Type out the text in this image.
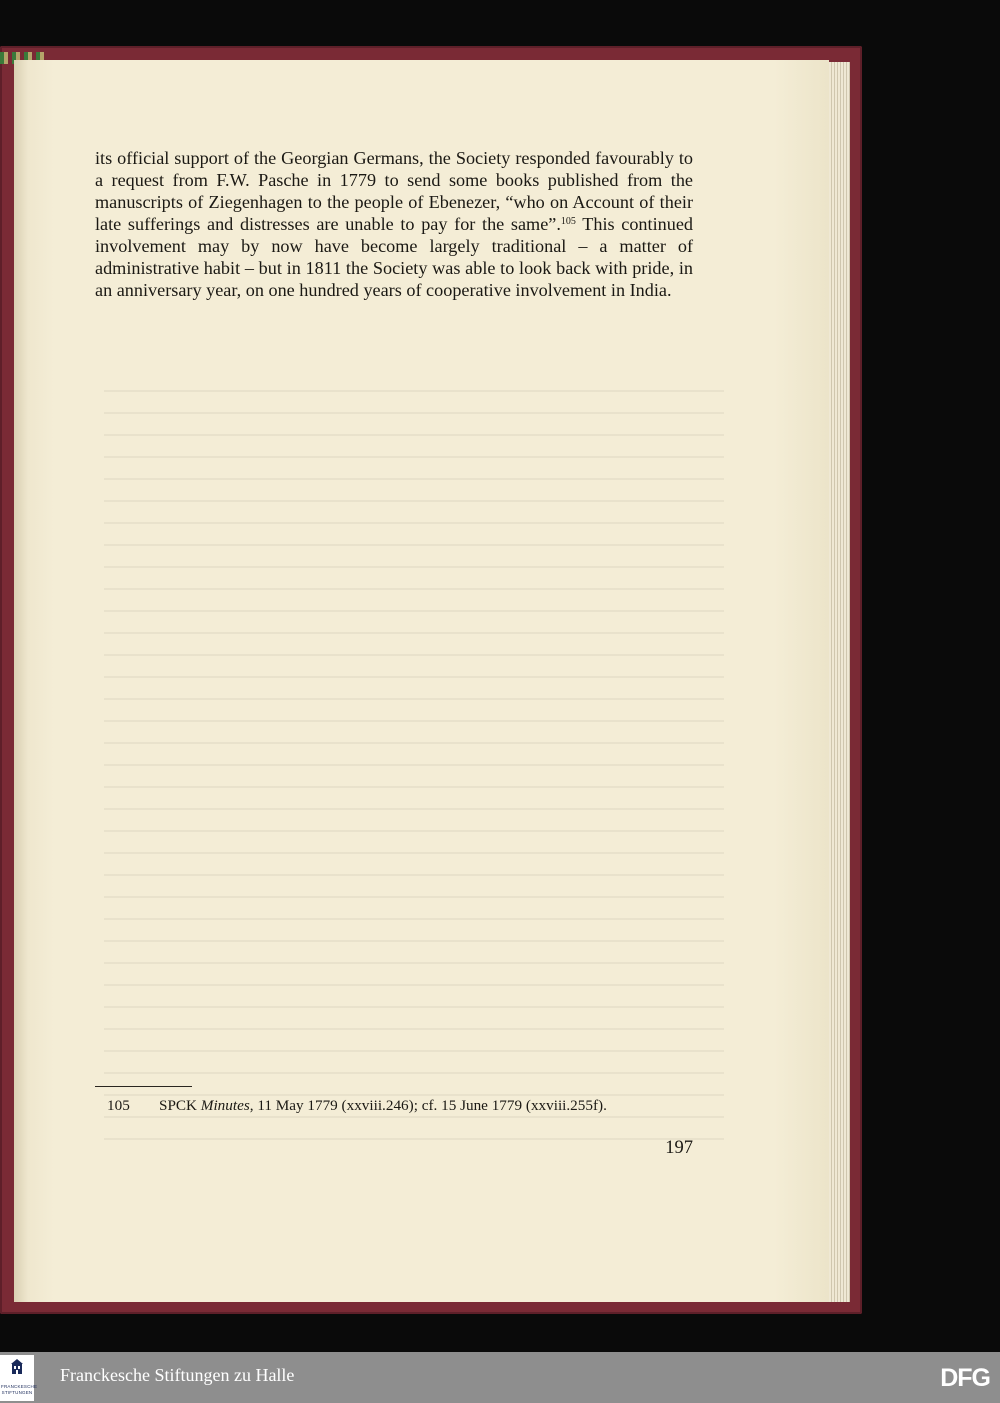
its official support of the Georgian Germans, the Society responded favourably to a request from F.W. Pasche in 1779 to send some books published from the manuscripts of Ziegenhagen to the people of Ebenezer, “who on Account of their late sufferings and distresses are unable to pay for the same”.$^{105}$ This continued involvement may by now have become largely traditional – a matter of administrative habit – but in 1811 the Society was able to look back with pride, in an anniversary year, on one hundred years of cooperative involvement in India.

105 SPCK Minutes, 11 May 1779 (xxviii.246); cf. 15 June 1779 (xxviii.255f).
197
FRANCKESCHE
STIFTUNGEN
Franckesche Stiftungen zu Halle	DFG
